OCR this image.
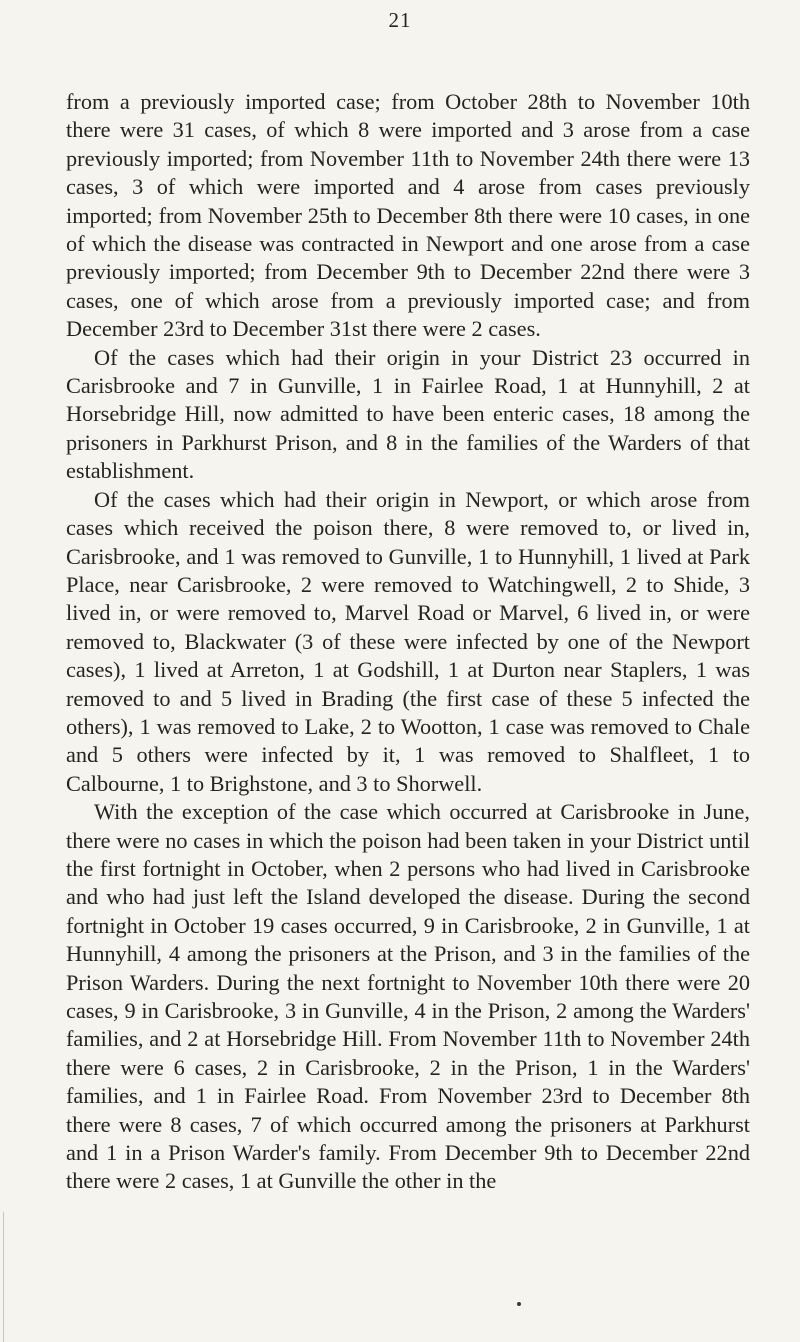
21

from a previously imported case; from October 28th to November 10th there were 31 cases, of which 8 were imported and 3 arose from a case previously imported; from November 11th to November 24th there were 13 cases, 3 of which were imported and 4 arose from cases previously imported; from November 25th to December 8th there were 10 cases, in one of which the disease was contracted in Newport and one arose from a case previously imported; from December 9th to December 22nd there were 3 cases, one of which arose from a previously imported case; and from December 23rd to December 31st there were 2 cases.

Of the cases which had their origin in your District 23 occurred in Carisbrooke and 7 in Gunville, 1 in Fairlee Road, 1 at Hunnyhill, 2 at Horsebridge Hill, now admitted to have been enteric cases, 18 among the prisoners in Parkhurst Prison, and 8 in the families of the Warders of that establishment.

Of the cases which had their origin in Newport, or which arose from cases which received the poison there, 8 were removed to, or lived in, Carisbrooke, and 1 was removed to Gunville, 1 to Hunnyhill, 1 lived at Park Place, near Carisbrooke, 2 were removed to Watchingwell, 2 to Shide, 3 lived in, or were removed to, Marvel Road or Marvel, 6 lived in, or were removed to, Blackwater (3 of these were infected by one of the Newport cases), 1 lived at Arreton, 1 at Godshill, 1 at Durton near Staplers, 1 was removed to and 5 lived in Brading (the first case of these 5 infected the others), 1 was removed to Lake, 2 to Wootton, 1 case was removed to Chale and 5 others were infected by it, 1 was removed to Shalfleet, 1 to Calbourne, 1 to Brighstone, and 3 to Shorwell.

With the exception of the case which occurred at Carisbrooke in June, there were no cases in which the poison had been taken in your District until the first fortnight in October, when 2 persons who had lived in Carisbrooke and who had just left the Island developed the disease. During the second fortnight in October 19 cases occurred, 9 in Carisbrooke, 2 in Gunville, 1 at Hunnyhill, 4 among the prisoners at the Prison, and 3 in the families of the Prison Warders. During the next fortnight to November 10th there were 20 cases, 9 in Carisbrooke, 3 in Gunville, 4 in the Prison, 2 among the Warders' families, and 2 at Horsebridge Hill. From November 11th to November 24th there were 6 cases, 2 in Carisbrooke, 2 in the Prison, 1 in the Warders' families, and 1 in Fairlee Road. From November 23rd to December 8th there were 8 cases, 7 of which occurred among the prisoners at Parkhurst and 1 in a Prison Warder's family. From December 9th to December 22nd there were 2 cases, 1 at Gunville the other in the
